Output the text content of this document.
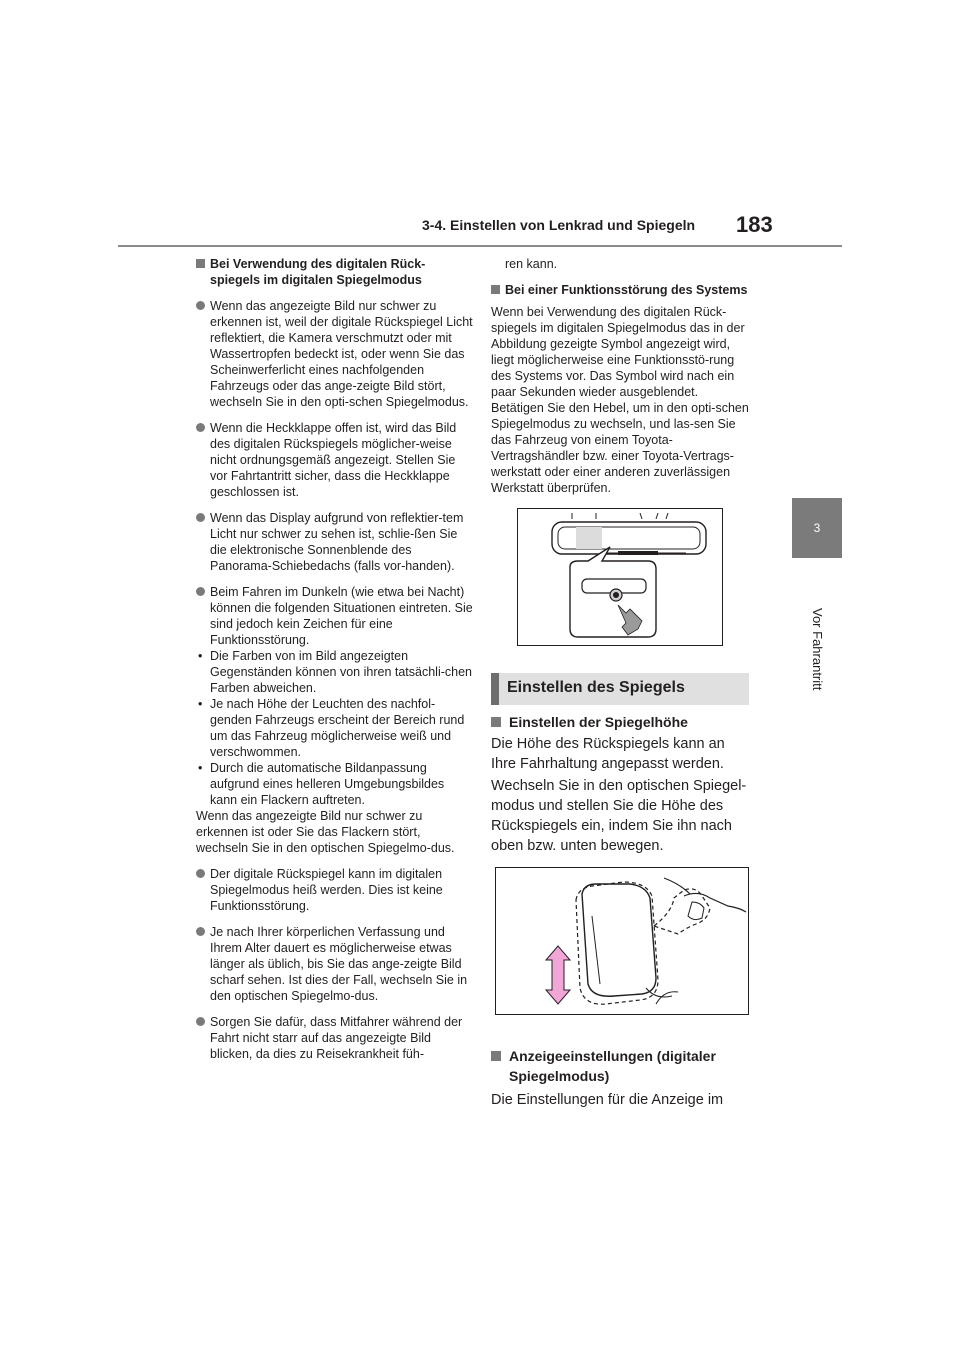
3-4. Einstellen von Lenkrad und Spiegeln 183
3
Vor Fahrantritt
Bei Verwendung des digitalen Rück-spiegels im digitalen Spiegelmodus
Wenn das angezeigte Bild nur schwer zu erkennen ist, weil der digitale Rückspiegel Licht reflektiert, die Kamera verschmutzt oder mit Wassertropfen bedeckt ist, oder wenn Sie das Scheinwerferlicht eines nachfolgenden Fahrzeugs oder das ange-zeigte Bild stört, wechseln Sie in den opti-schen Spiegelmodus.
Wenn die Heckklappe offen ist, wird das Bild des digitalen Rückspiegels möglicher-weise nicht ordnungsgemäß angezeigt. Stellen Sie vor Fahrtantritt sicher, dass die Heckklappe geschlossen ist.
Wenn das Display aufgrund von reflektier-tem Licht nur schwer zu sehen ist, schlie-ßen Sie die elektronische Sonnenblende des Panorama-Schiebedachs (falls vor-handen).
Beim Fahren im Dunkeln (wie etwa bei Nacht) können die folgenden Situationen eintreten. Sie sind jedoch kein Zeichen für eine Funktionsstörung.
• Die Farben von im Bild angezeigten Gegenständen können von ihren tatsächli-chen Farben abweichen.
• Je nach Höhe der Leuchten des nachfol-genden Fahrzeugs erscheint der Bereich rund um das Fahrzeug möglicherweise weiß und verschwommen.
• Durch die automatische Bildanpassung aufgrund eines helleren Umgebungsbildes kann ein Flackern auftreten.
Wenn das angezeigte Bild nur schwer zu erkennen ist oder Sie das Flackern stört, wechseln Sie in den optischen Spiegelmo-dus.
Der digitale Rückspiegel kann im digitalen Spiegelmodus heiß werden. Dies ist keine Funktionsstörung.
Je nach Ihrer körperlichen Verfassung und Ihrem Alter dauert es möglicherweise etwas länger als üblich, bis Sie das ange-zeigte Bild scharf sehen. Ist dies der Fall, wechseln Sie in den optischen Spiegelmo-dus.
Sorgen Sie dafür, dass Mitfahrer während der Fahrt nicht starr auf das angezeigte Bild blicken, da dies zu Reisekrankheit füh-
ren kann.
Bei einer Funktionsstörung des Systems
Wenn bei Verwendung des digitalen Rück-spiegels im digitalen Spiegelmodus das in der Abbildung gezeigte Symbol angezeigt wird, liegt möglicherweise eine Funktionsstö-rung des Systems vor. Das Symbol wird nach ein paar Sekunden wieder ausgeblendet. Betätigen Sie den Hebel, um in den opti-schen Spiegelmodus zu wechseln, und las-sen Sie das Fahrzeug von einem Toyota-Vertragshändler bzw. einer Toyota-Vertrags-werkstatt oder einer anderen zuverlässigen Werkstatt überprüfen.
Einstellen des Spiegels
Einstellen der Spiegelhöhe
Die Höhe des Rückspiegels kann an Ihre Fahrhaltung angepasst werden.
Wechseln Sie in den optischen Spiegel-modus und stellen Sie die Höhe des Rückspiegels ein, indem Sie ihn nach oben bzw. unten bewegen.
Anzeigeeinstellungen (digitaler Spiegelmodus)
Die Einstellungen für die Anzeige im
